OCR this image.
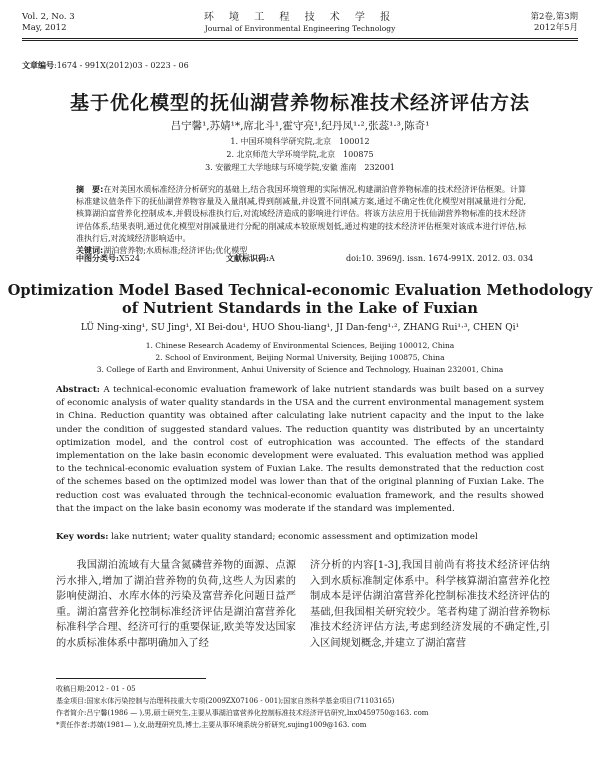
Vol. 2, No. 3
May, 2012
环 境 工 程 技 术 学 报
Journal of Environmental Engineering Technology
第2卷,第3期
2012年5月
文章编号:1674 - 991X(2012)03 - 0223 - 06
基于优化模型的抚仙湖营养物标准技术经济评估方法
吕宁馨¹,苏婧¹*,席北斗¹,霍守亮¹,纪丹凤¹·²,张蕊¹·³,陈奇¹
1. 中国环境科学研究院,北京　100012
2. 北京师范大学环境学院,北京　100875
3. 安徽理工大学地球与环境学院,安徽 淮南　232001
摘　要:在对美国水质标准经济分析研究的基础上,结合我国环境管理的实际情况,构建湖泊营养物标准的技术经济评估框架。计算标准建议值条件下的抚仙湖营养物容量及入量削减,得到削减量,并设置不同削减方案,通过不确定性优化模型对削减量进行分配,核算湖泊富营养化控制成本,并假设标准执行后,对流域经济造成的影响进行评估。将该方法应用于抚仙湖营养物标准的技术经济评估体系,结果表明,通过优化模型对削减量进行分配的削减成本较原规划低,通过构建的技术经济评估框架对该成本进行评估,标准执行后,对流域经济影响适中。
关键词:湖泊营养物;水质标准;经济评估;优化模型
中图分类号:X524	文献标识码:A	doi:10. 3969/j. issn. 1674-991X. 2012. 03. 034
Optimization Model Based Technical-economic Evaluation Methodology of Nutrient Standards in the Lake of Fuxian
LÜ Ning-xing¹, SU Jing¹, XI Bei-dou¹, HUO Shou-liang¹, JI Dan-feng¹·², ZHANG Rui¹·³, CHEN Qi¹
1. Chinese Research Academy of Environmental Sciences, Beijing 100012, China
2. School of Environment, Beijing Normal University, Beijing 100875, China
3. College of Earth and Environment, Anhui University of Science and Technology, Huainan 232001, China
Abstract: A technical-economic evaluation framework of lake nutrient standards was built based on a survey of economic analysis of water quality standards in the USA and the current environmental management system in China. Reduction quantity was obtained after calculating lake nutrient capacity and the input to the lake under the condition of suggested standard values. The reduction quantity was distributed by an uncertainty optimization model, and the control cost of eutrophication was accounted. The effects of the standard implementation on the lake basin economic development were evaluated. This evaluation method was applied to the technical-economic evaluation system of Fuxian Lake. The results demonstrated that the reduction cost of the schemes based on the optimized model was lower than that of the original planning of Fuxian Lake. The reduction cost was evaluated through the technical-economic evaluation framework, and the results showed that the impact on the lake basin economy was moderate if the standard was implemented.
Key words: lake nutrient; water quality standard; economic assessment and optimization model
我国湖泊流域有大量含氮磷营养物的面源、点源污水排入,增加了湖泊营养物的负荷,这些人为因素的影响使湖泊、水库水体的污染及富营养化问题日益严重。湖泊富营养化控制标准经济评估是湖泊富营养化标准科学合理、经济可行的重要保证,欧美等发达国家的水质标准体系中都明确加入了经
济分析的内容[1-3],我国目前尚有将技术经济评估纳入到水质标准制定体系中。科学核算湖泊富营养化控制成本是评估湖泊富营养化控制标准技术经济评估的基础,但我国相关研究较少。笔者构建了湖泊营养物标准技术经济评估方法,考虑到经济发展的不确定性,引入区间规划概念,并建立了湖泊富营
收稿日期:2012 - 01 - 05
基金项目:国家水体污染控制与治理科技重大专项(2009ZX07106 - 001);国家自然科学基金项目(71103165)
作者简介:吕宁馨(1986 — ),男,硕士研究生,主要从事湖泊富营养化控制标准技术经济评估研究,lnx0459750@163. com
*责任作者:苏婧(1981— ),女,助理研究员,博士,主要从事环境系统分析研究,sujing1009@163. com
